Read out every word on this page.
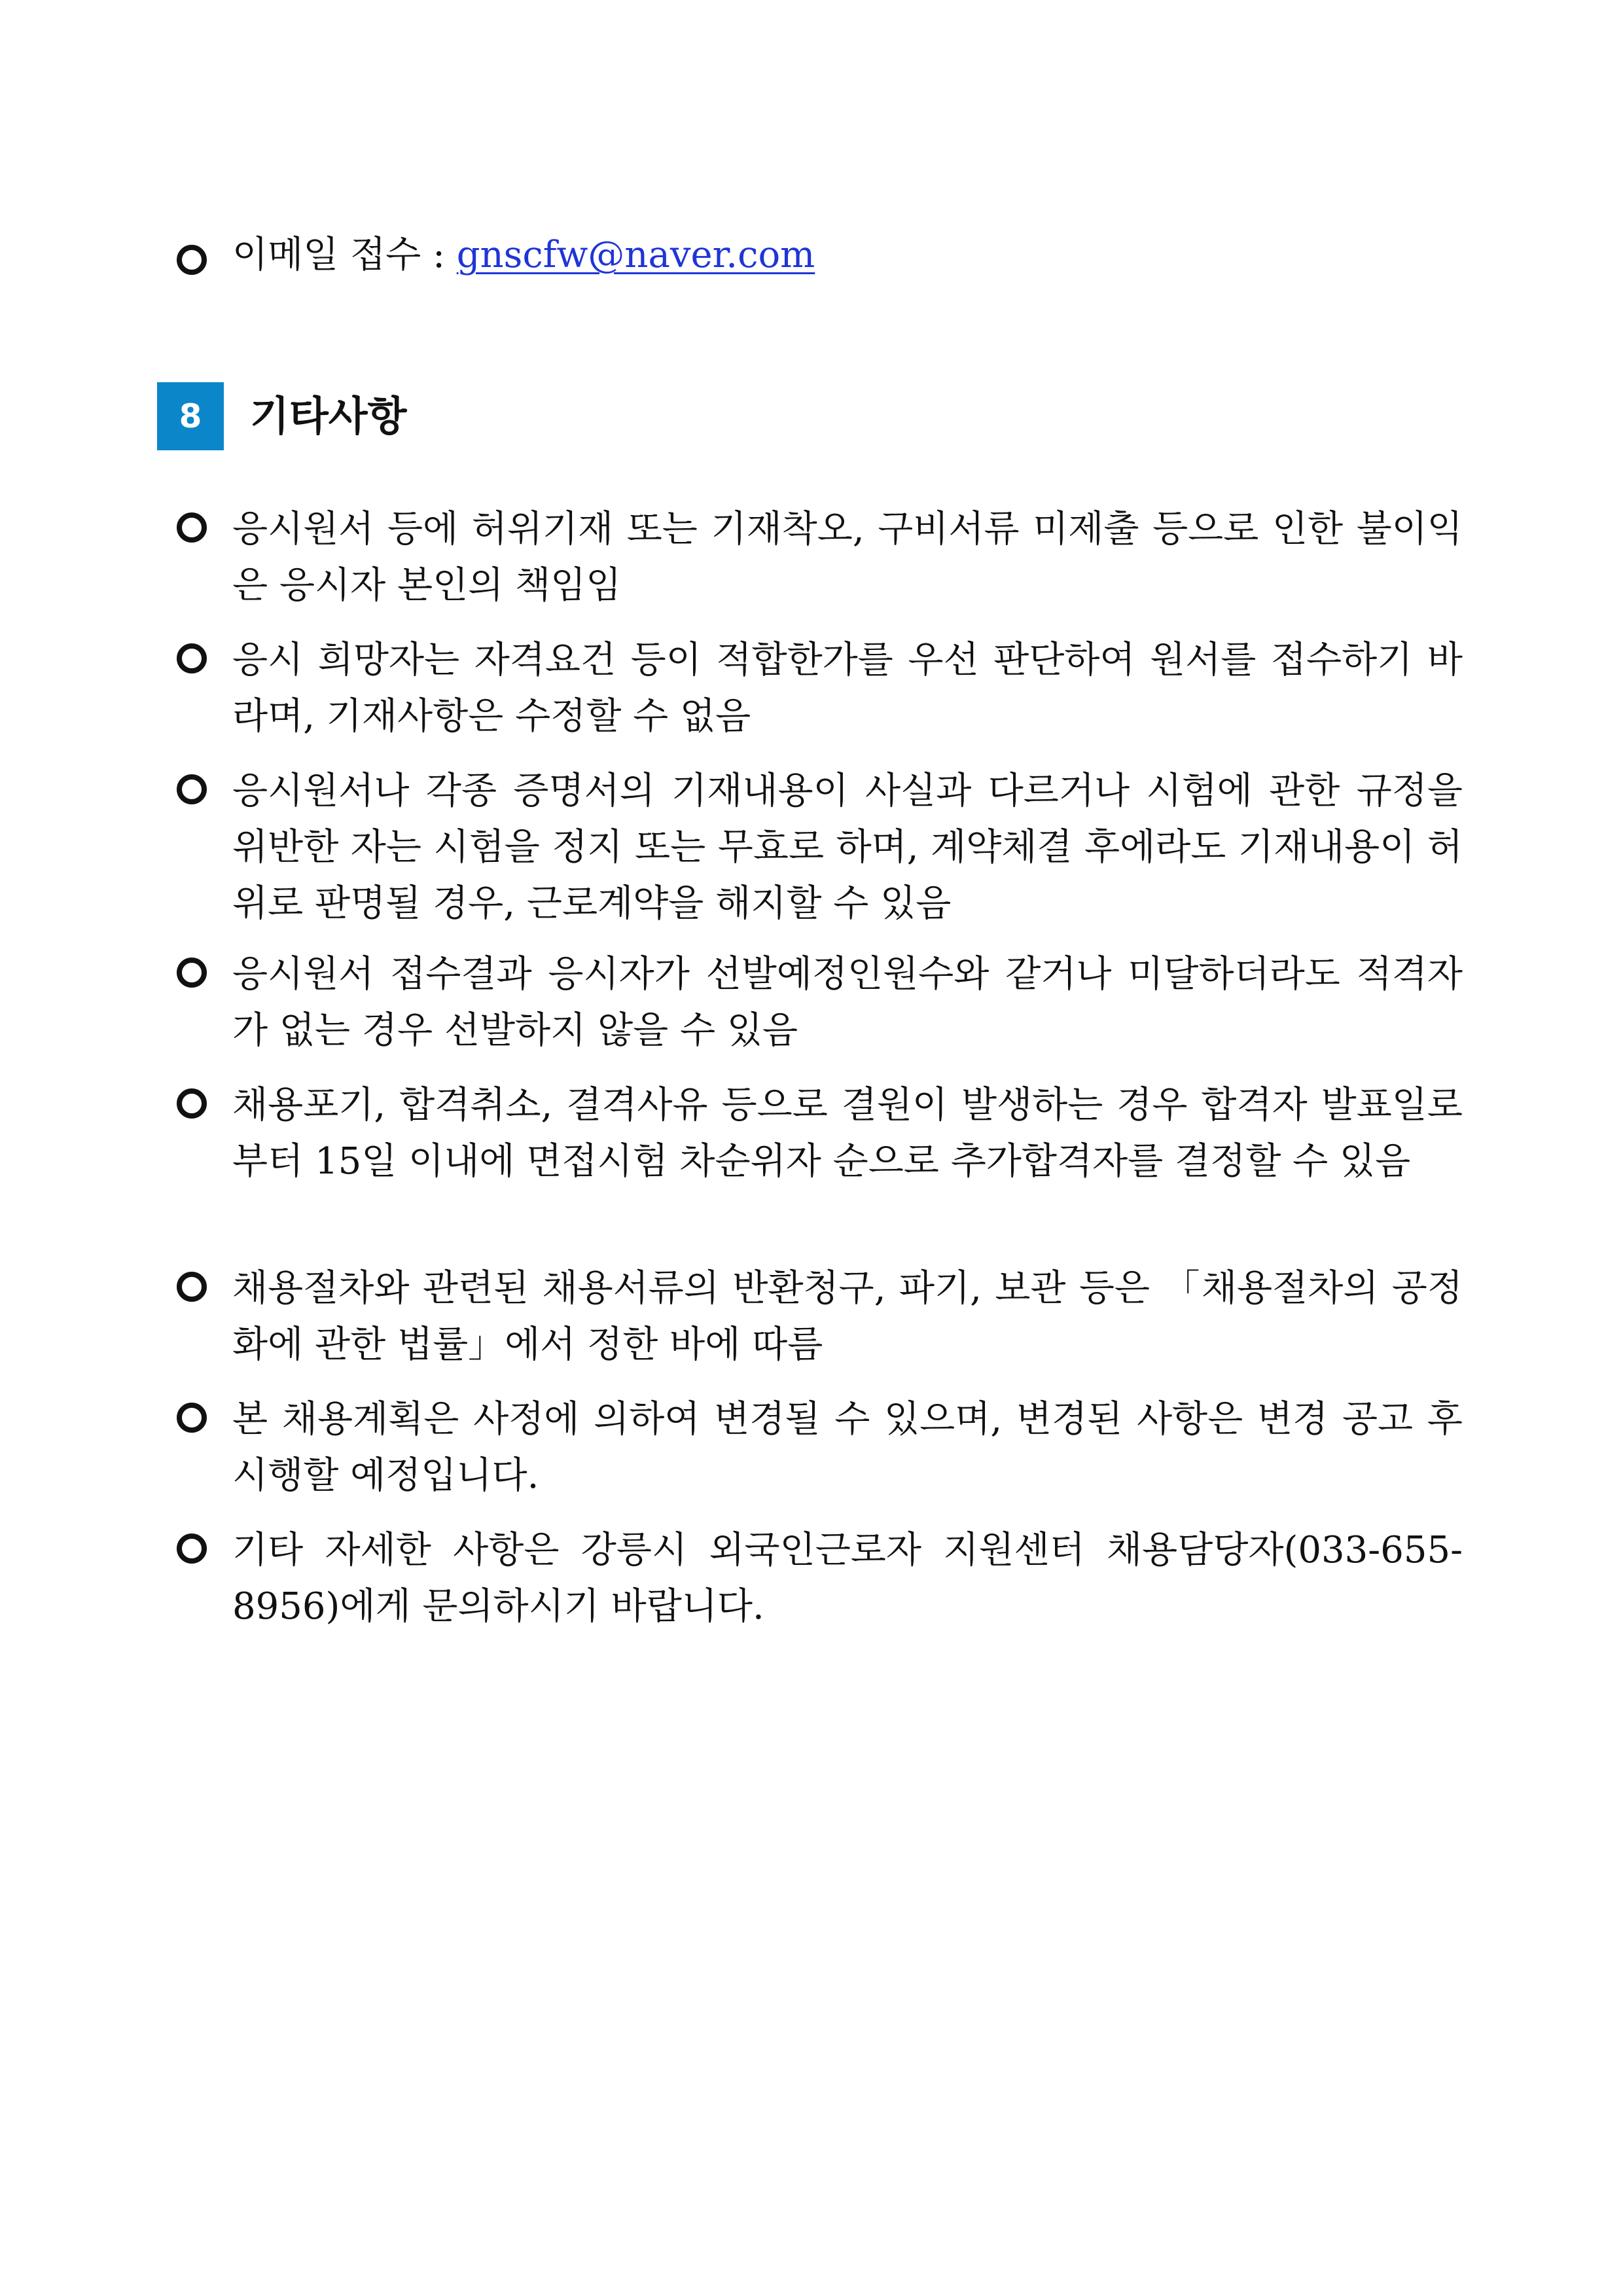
이메일 접수 : gnscfw@naver.com
8	기타사항
응시원서 등에 허위기재 또는 기재착오, 구비서류 미제출 등으로 인한 불이익은 응시자 본인의 책임임
응시 희망자는 자격요건 등이 적합한가를 우선 판단하여 원서를 접수하기 바라며, 기재사항은 수정할 수 없음
응시원서나 각종 증명서의 기재내용이 사실과 다르거나 시험에 관한 규정을 위반한 자는 시험을 정지 또는 무효로 하며, 계약체결 후에라도 기재내용이 허위로 판명될 경우, 근로계약을 해지할 수 있음
응시원서 접수결과 응시자가 선발예정인원수와 같거나 미달하더라도 적격자가 없는 경우 선발하지 않을 수 있음
채용포기, 합격취소, 결격사유 등으로 결원이 발생하는 경우 합격자 발표일로부터 15일 이내에 면접시험 차순위자 순으로 추가합격자를 결정할 수 있음
채용절차와 관련된 채용서류의 반환청구, 파기, 보관 등은 「채용절차의 공정화에 관한 법률」에서 정한 바에 따름
본 채용계획은 사정에 의하여 변경될 수 있으며, 변경된 사항은 변경 공고 후 시행할 예정입니다.
기타 자세한 사항은 강릉시 외국인근로자 지원센터 채용담당자(033-655-8956)에게 문의하시기 바랍니다.
